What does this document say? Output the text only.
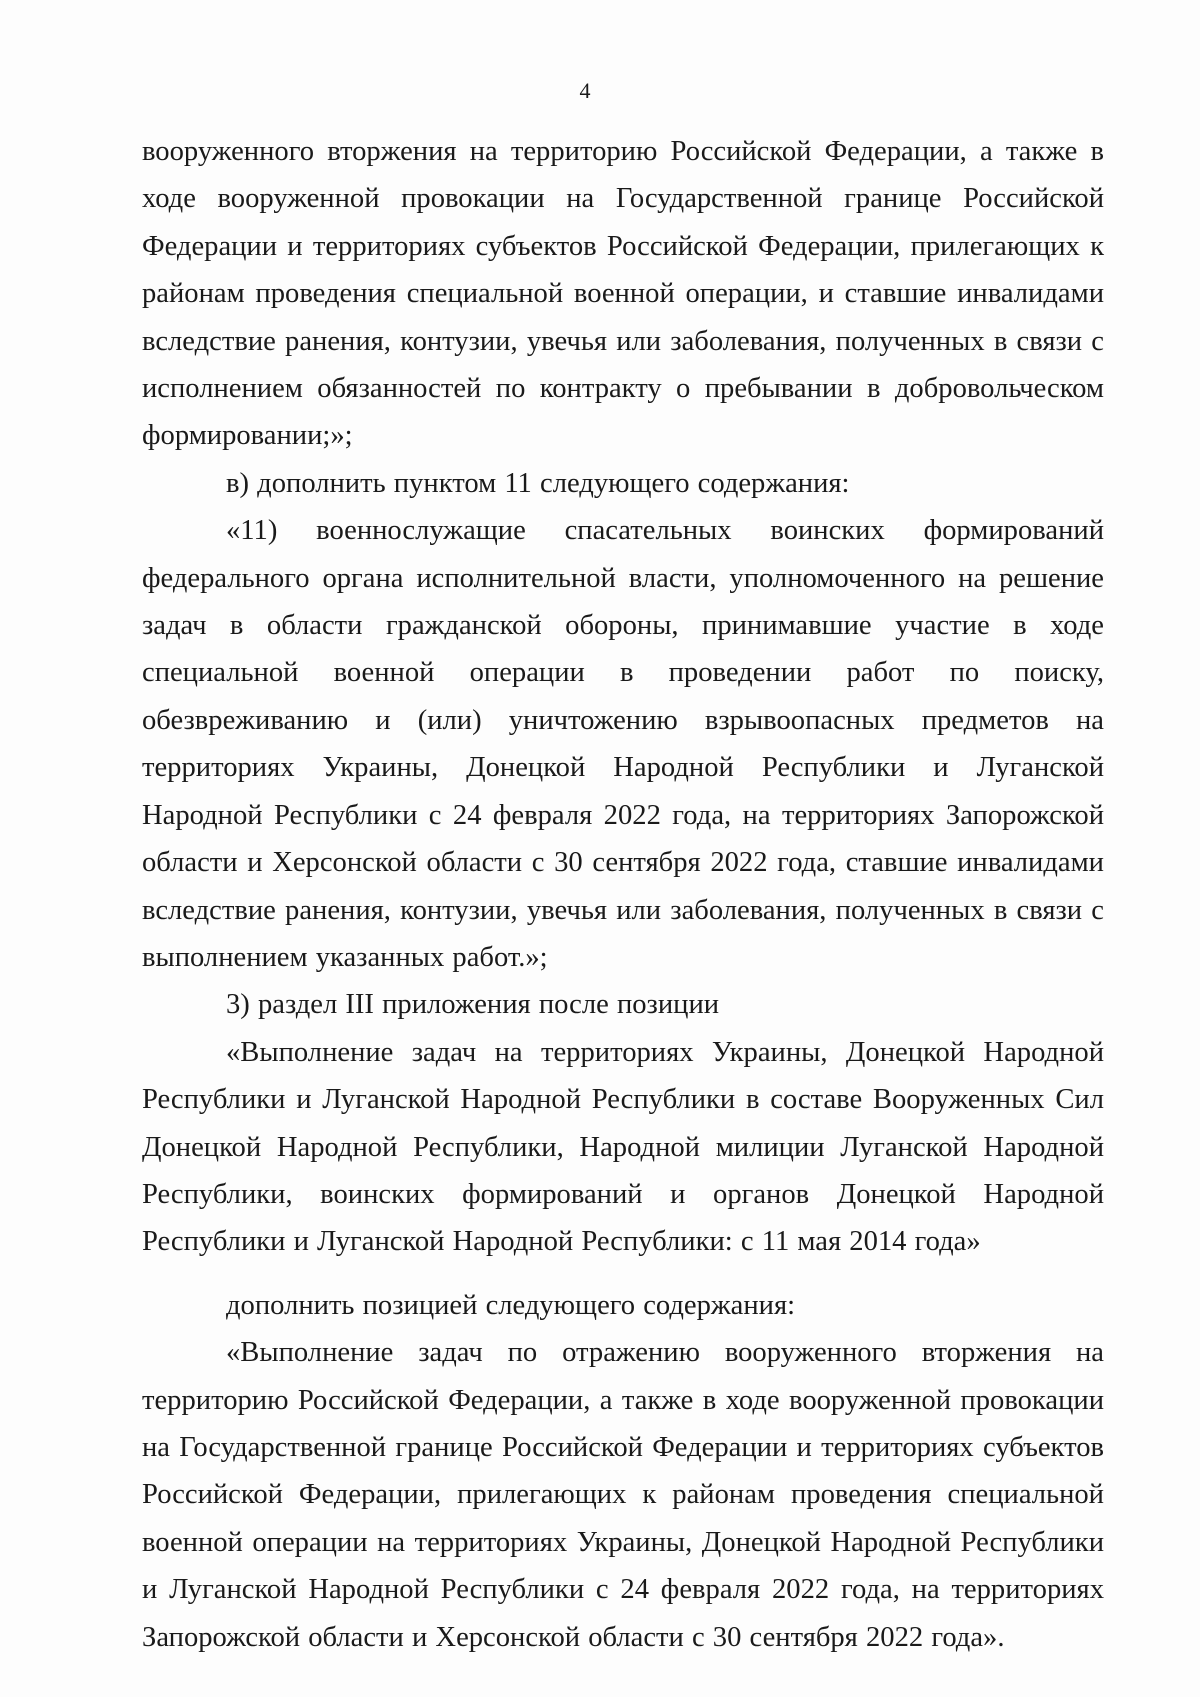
4

вооруженного вторжения на территорию Российской Федерации, а также в ходе вооруженной провокации на Государственной границе Российской Федерации и территориях субъектов Российской Федерации, прилегающих к районам проведения специальной военной операции, и ставшие инвалидами вследствие ранения, контузии, увечья или заболевания, полученных в связи с исполнением обязанностей по контракту о пребывании в добровольческом формировании;»;

в) дополнить пунктом 11 следующего содержания:

«11) военнослужащие спасательных воинских формирований федерального органа исполнительной власти, уполномоченного на решение задач в области гражданской обороны, принимавшие участие в ходе специальной военной операции в проведении работ по поиску, обезвреживанию и (или) уничтожению взрывоопасных предметов на территориях Украины, Донецкой Народной Республики и Луганской Народной Республики с 24 февраля 2022 года, на территориях Запорожской области и Херсонской области с 30 сентября 2022 года, ставшие инвалидами вследствие ранения, контузии, увечья или заболевания, полученных в связи с выполнением указанных работ.»;

3) раздел III приложения после позиции

«Выполнение задач на территориях Украины, Донецкой Народной Республики и Луганской Народной Республики в составе Вооруженных Сил Донецкой Народной Республики, Народной милиции Луганской Народной Республики, воинских формирований и органов Донецкой Народной Республики и Луганской Народной Республики: с 11 мая 2014 года»

дополнить позицией следующего содержания:

«Выполнение задач по отражению вооруженного вторжения на территорию Российской Федерации, а также в ходе вооруженной провокации на Государственной границе Российской Федерации и территориях субъектов Российской Федерации, прилегающих к районам проведения специальной военной операции на территориях Украины, Донецкой Народной Республики и Луганской Народной Республики с 24 февраля 2022 года, на территориях Запорожской области и Херсонской области с 30 сентября 2022 года».
